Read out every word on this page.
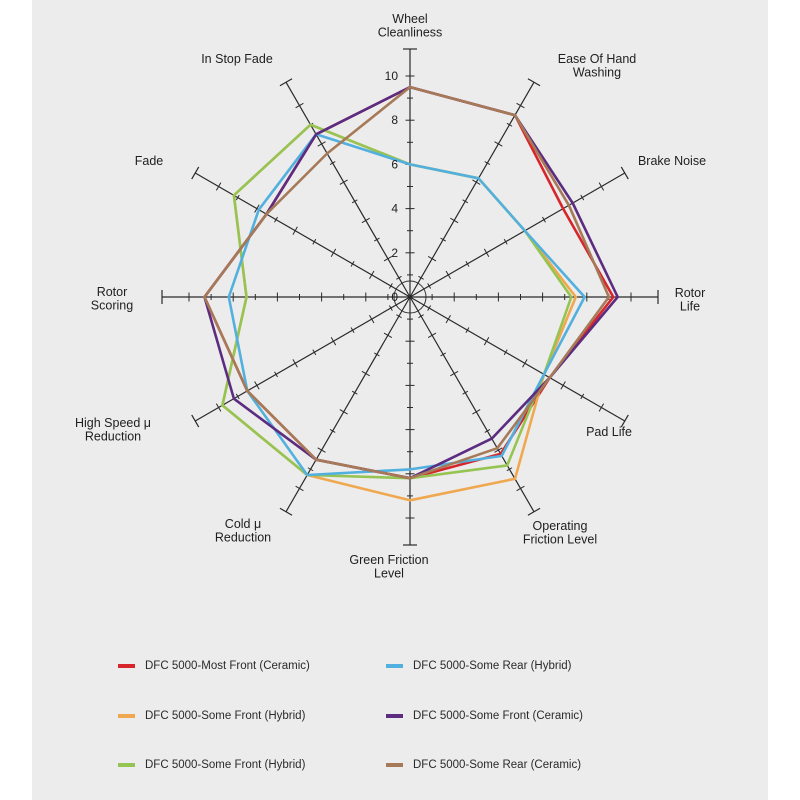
0
2
4
6
8
10
Wheel
Cleanliness
Ease Of Hand
Washing
Brake Noise
Rotor
Life
Pad Life
Operating
Friction Level
Green Friction
Level
Cold μ
Reduction
High Speed μ
Reduction
Rotor
Scoring
Fade
In Stop Fade
DFC 5000-Most Front (Ceramic)	DFC 5000-Some Rear (Hybrid)
DFC 5000-Some Front (Hybrid)	DFC 5000-Some Front (Ceramic)
DFC 5000-Some Front (Hybrid)	DFC 5000-Some Rear (Ceramic)
